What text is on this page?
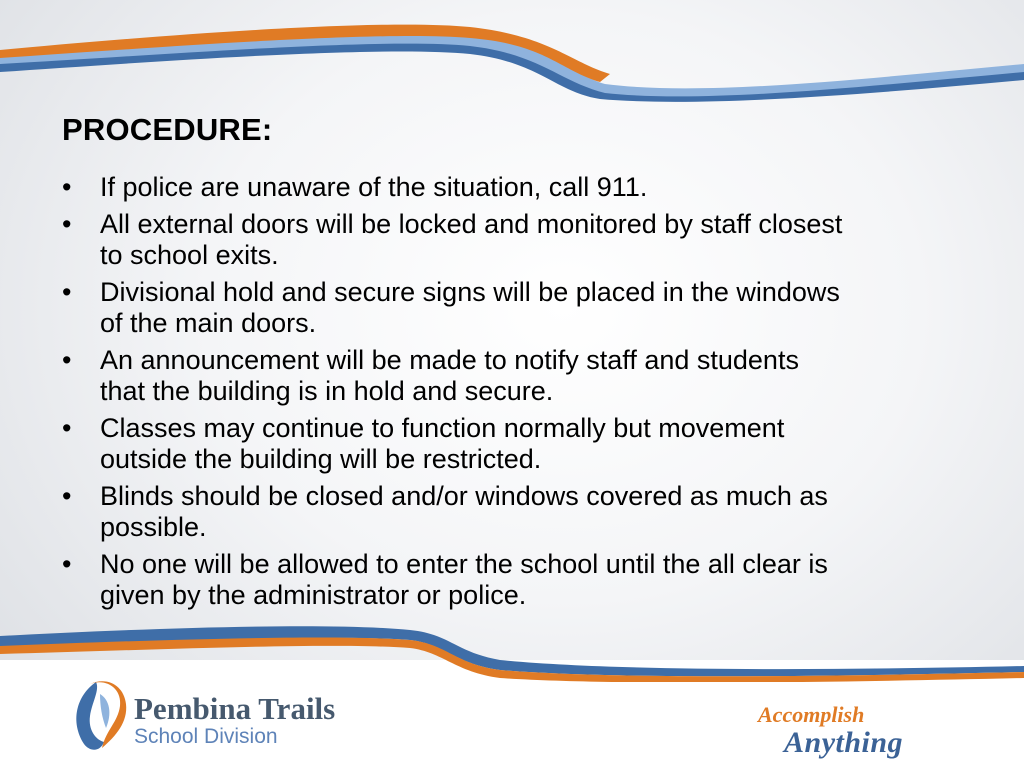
PROCEDURE:
•	If police are unaware of the situation, call 911.
•	All external doors will be locked and monitored by staff closest
to school exits.
•	Divisional hold and secure signs will be placed in the windows
of the main doors.
•	An announcement will be made to notify staff and students
that the building is in hold and secure.
•	Classes may continue to function normally but movement
outside the building will be restricted.
•	Blinds should be closed and/or windows covered as much as
possible.
•	No one will be allowed to enter the school until the all clear is
given by the administrator or police.
Pembina Trails
School Division
Accomplish
Anything
